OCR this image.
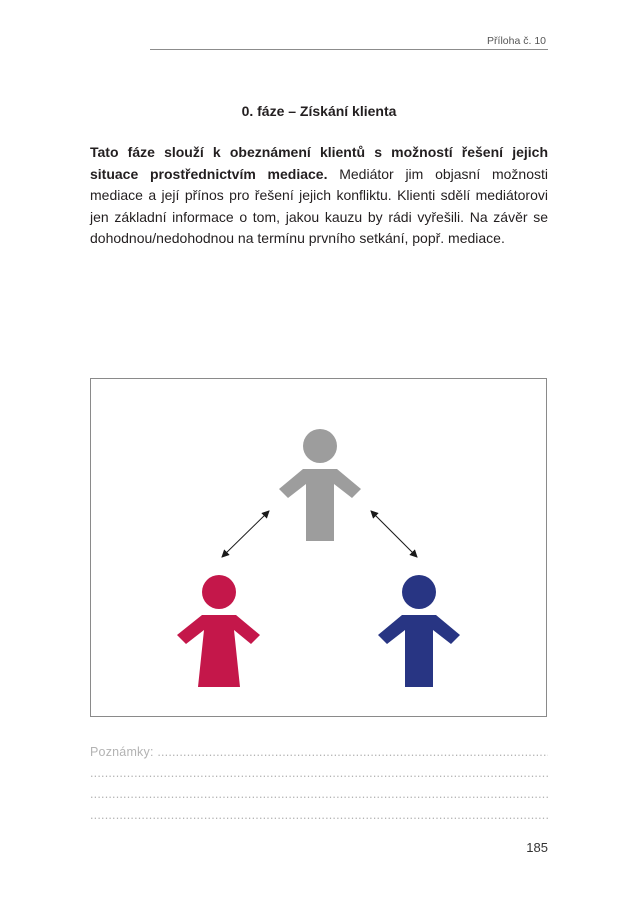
Příloha č. 10
0. fáze – Získání klienta

Tato fáze slouží k obeznámení klientů s možností řešení jejich situace prostřednictvím mediace. Mediátor jim objasní možnosti mediace a její přínos pro řešení jejich konfliktu. Klienti sdělí mediátorovi jen základní informace o tom, jakou kauzu by rádi vyřešili. Na závěr se dohodnou/nedohodnou na termínu prvního setkání, popř. mediace.

Poznámky: .....
.....
.....
.....
185
